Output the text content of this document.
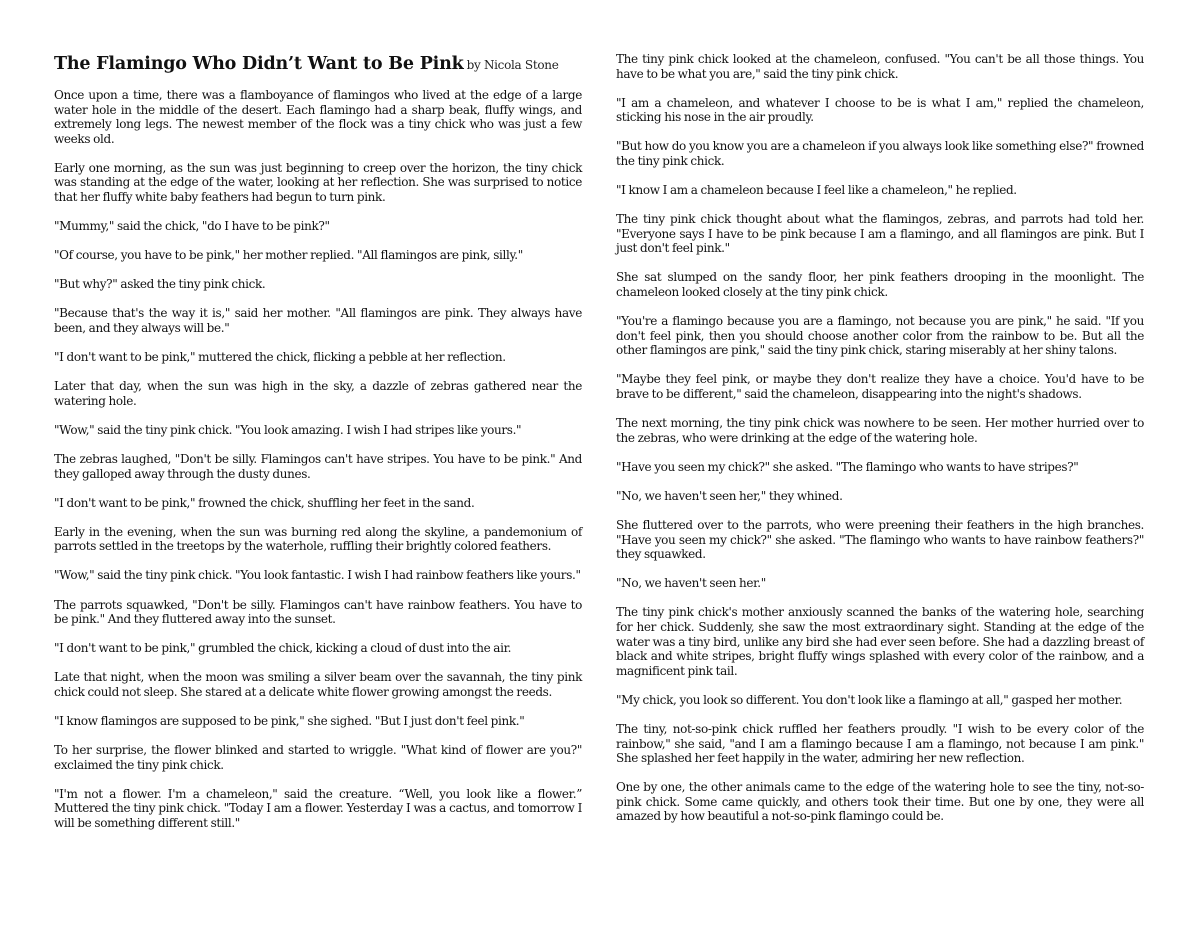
The Flamingo Who Didn’t Want to Be Pink by Nicola Stone

Once upon a time, there was a flamboyance of flamingos who lived at the edge of a large water hole in the middle of the desert. Each flamingo had a sharp beak, fluffy wings, and extremely long legs. The newest member of the flock was a tiny chick who was just a few weeks old.

Early one morning, as the sun was just beginning to creep over the horizon, the tiny chick was standing at the edge of the water, looking at her reflection. She was surprised to notice that her fluffy white baby feathers had begun to turn pink.

"Mummy," said the chick, "do I have to be pink?"

"Of course, you have to be pink," her mother replied. "All flamingos are pink, silly."

"But why?" asked the tiny pink chick.

"Because that's the way it is," said her mother. "All flamingos are pink. They always have been, and they always will be."

"I don't want to be pink," muttered the chick, flicking a pebble at her reflection.

Later that day, when the sun was high in the sky, a dazzle of zebras gathered near the watering hole.

"Wow," said the tiny pink chick. "You look amazing. I wish I had stripes like yours."

The zebras laughed, "Don't be silly. Flamingos can't have stripes. You have to be pink." And they galloped away through the dusty dunes.

"I don't want to be pink," frowned the chick, shuffling her feet in the sand.

Early in the evening, when the sun was burning red along the skyline, a pandemonium of parrots settled in the treetops by the waterhole, ruffling their brightly colored feathers.

"Wow," said the tiny pink chick. "You look fantastic. I wish I had rainbow feathers like yours."

The parrots squawked, "Don't be silly. Flamingos can't have rainbow feathers. You have to be pink." And they fluttered away into the sunset.

"I don't want to be pink," grumbled the chick, kicking a cloud of dust into the air.

Late that night, when the moon was smiling a silver beam over the savannah, the tiny pink chick could not sleep. She stared at a delicate white flower growing amongst the reeds.

"I know flamingos are supposed to be pink," she sighed. "But I just don't feel pink."

To her surprise, the flower blinked and started to wriggle. "What kind of flower are you?" exclaimed the tiny pink chick.

"I'm not a flower. I'm a chameleon," said the creature. “Well, you look like a flower.” Muttered the tiny pink chick. "Today I am a flower. Yesterday I was a cactus, and tomorrow I will be something different still."

The tiny pink chick looked at the chameleon, confused. "You can't be all those things. You have to be what you are," said the tiny pink chick.

"I am a chameleon, and whatever I choose to be is what I am," replied the chameleon, sticking his nose in the air proudly.

"But how do you know you are a chameleon if you always look like something else?" frowned the tiny pink chick.

"I know I am a chameleon because I feel like a chameleon," he replied.

The tiny pink chick thought about what the flamingos, zebras, and parrots had told her. "Everyone says I have to be pink because I am a flamingo, and all flamingos are pink. But I just don't feel pink."

She sat slumped on the sandy floor, her pink feathers drooping in the moonlight. The chameleon looked closely at the tiny pink chick.

"You're a flamingo because you are a flamingo, not because you are pink," he said. "If you don't feel pink, then you should choose another color from the rainbow to be. But all the other flamingos are pink," said the tiny pink chick, staring miserably at her shiny talons.

"Maybe they feel pink, or maybe they don't realize they have a choice. You'd have to be brave to be different," said the chameleon, disappearing into the night's shadows.

The next morning, the tiny pink chick was nowhere to be seen. Her mother hurried over to the zebras, who were drinking at the edge of the watering hole.

"Have you seen my chick?" she asked. "The flamingo who wants to have stripes?"

"No, we haven't seen her," they whined.

She fluttered over to the parrots, who were preening their feathers in the high branches. "Have you seen my chick?" she asked. "The flamingo who wants to have rainbow feathers?" they squawked.

"No, we haven't seen her."

The tiny pink chick's mother anxiously scanned the banks of the watering hole, searching for her chick. Suddenly, she saw the most extraordinary sight. Standing at the edge of the water was a tiny bird, unlike any bird she had ever seen before. She had a dazzling breast of black and white stripes, bright fluffy wings splashed with every color of the rainbow, and a magnificent pink tail.

"My chick, you look so different. You don't look like a flamingo at all," gasped her mother.

The tiny, not-so-pink chick ruffled her feathers proudly. "I wish to be every color of the rainbow," she said, "and I am a flamingo because I am a flamingo, not because I am pink." She splashed her feet happily in the water, admiring her new reflection.

One by one, the other animals came to the edge of the watering hole to see the tiny, not-so-pink chick. Some came quickly, and others took their time. But one by one, they were all amazed by how beautiful a not-so-pink flamingo could be.
